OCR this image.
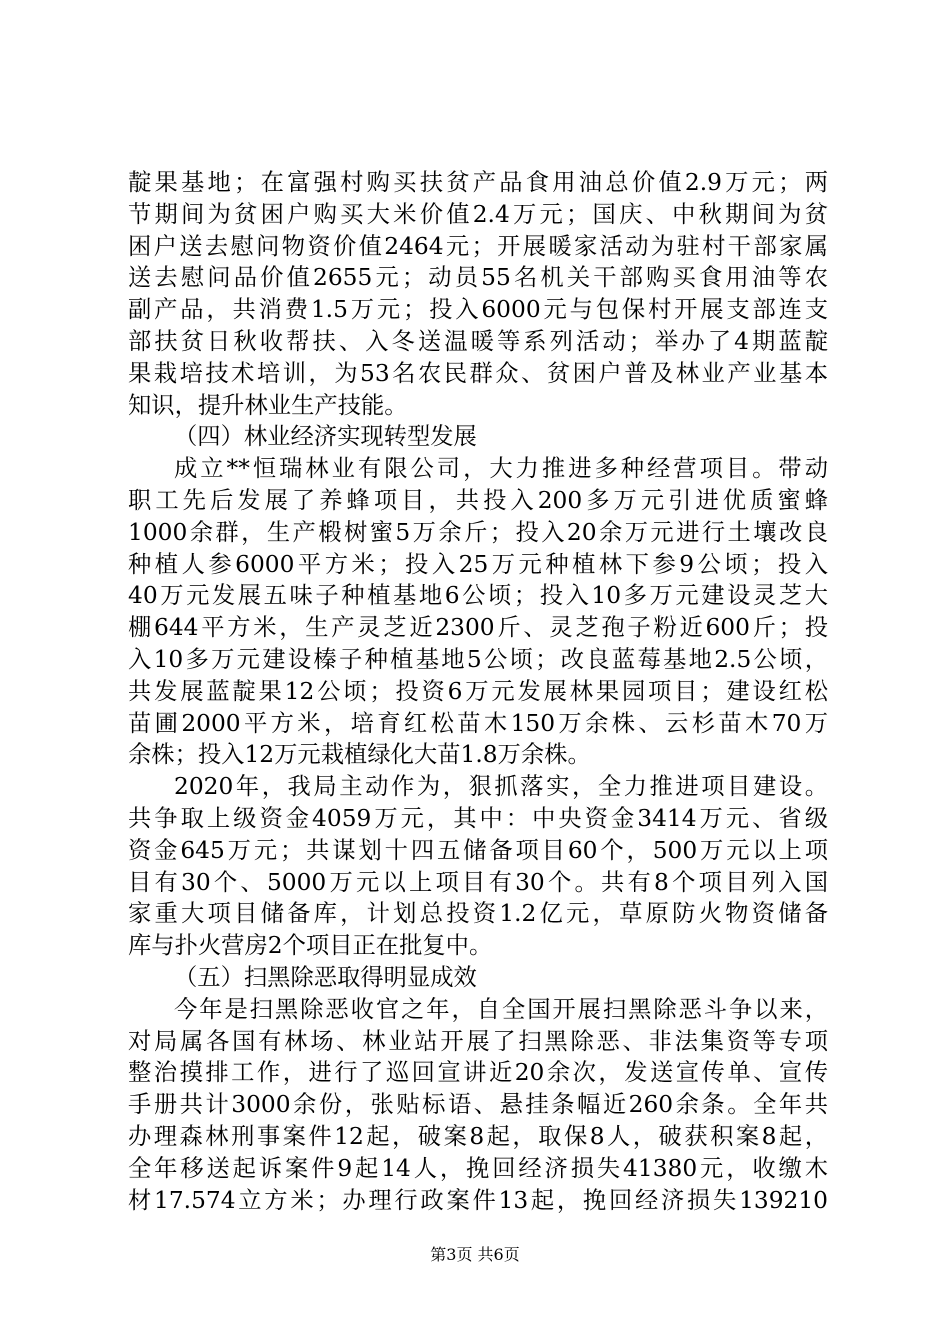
靛果基地；在富强村购买扶贫产品食用油总价值2.9万元；两
节期间为贫困户购买大米价值2.4万元；国庆、中秋期间为贫
困户送去慰问物资价值2464元；开展暖家活动为驻村干部家属
送去慰问品价值2655元；动员55名机关干部购买食用油等农
副产品，共消费1.5万元；投入6000元与包保村开展支部连支
部扶贫日秋收帮扶、入冬送温暖等系列活动；举办了4期蓝靛
果栽培技术培训，为53名农民群众、贫困户普及林业产业基本
知识，提升林业生产技能。
（四）林业经济实现转型发展
成立**恒瑞林业有限公司，大力推进多种经营项目。带动
职工先后发展了养蜂项目，共投入200多万元引进优质蜜蜂
1000余群，生产椴树蜜5万余斤；投入20余万元进行土壤改良
种植人参6000平方米；投入25万元种植林下参9公顷；投入
40万元发展五味子种植基地6公顷；投入10多万元建设灵芝大
棚644平方米，生产灵芝近2300斤、灵芝孢子粉近600斤；投
入10多万元建设榛子种植基地5公顷；改良蓝莓基地2.5公顷，
共发展蓝靛果12公顷；投资6万元发展林果园项目；建设红松
苗圃2000平方米，培育红松苗木150万余株、云杉苗木70万
余株；投入12万元栽植绿化大苗1.8万余株。
2020年，我局主动作为，狠抓落实，全力推进项目建设。
共争取上级资金4059万元，其中：中央资金3414万元、省级
资金645万元；共谋划十四五储备项目60个，500万元以上项
目有30个、5000万元以上项目有30个。共有8个项目列入国
家重大项目储备库，计划总投资1.2亿元，草原防火物资储备
库与扑火营房2个项目正在批复中。
（五）扫黑除恶取得明显成效
今年是扫黑除恶收官之年，自全国开展扫黑除恶斗争以来，
对局属各国有林场、林业站开展了扫黑除恶、非法集资等专项
整治摸排工作，进行了巡回宣讲近20余次，发送宣传单、宣传
手册共计3000余份，张贴标语、悬挂条幅近260余条。全年共
办理森林刑事案件12起，破案8起，取保8人，破获积案8起，
全年移送起诉案件9起14人，挽回经济损失41380元，收缴木
材17.574立方米；办理行政案件13起，挽回经济损失139210
第3页 共6页
